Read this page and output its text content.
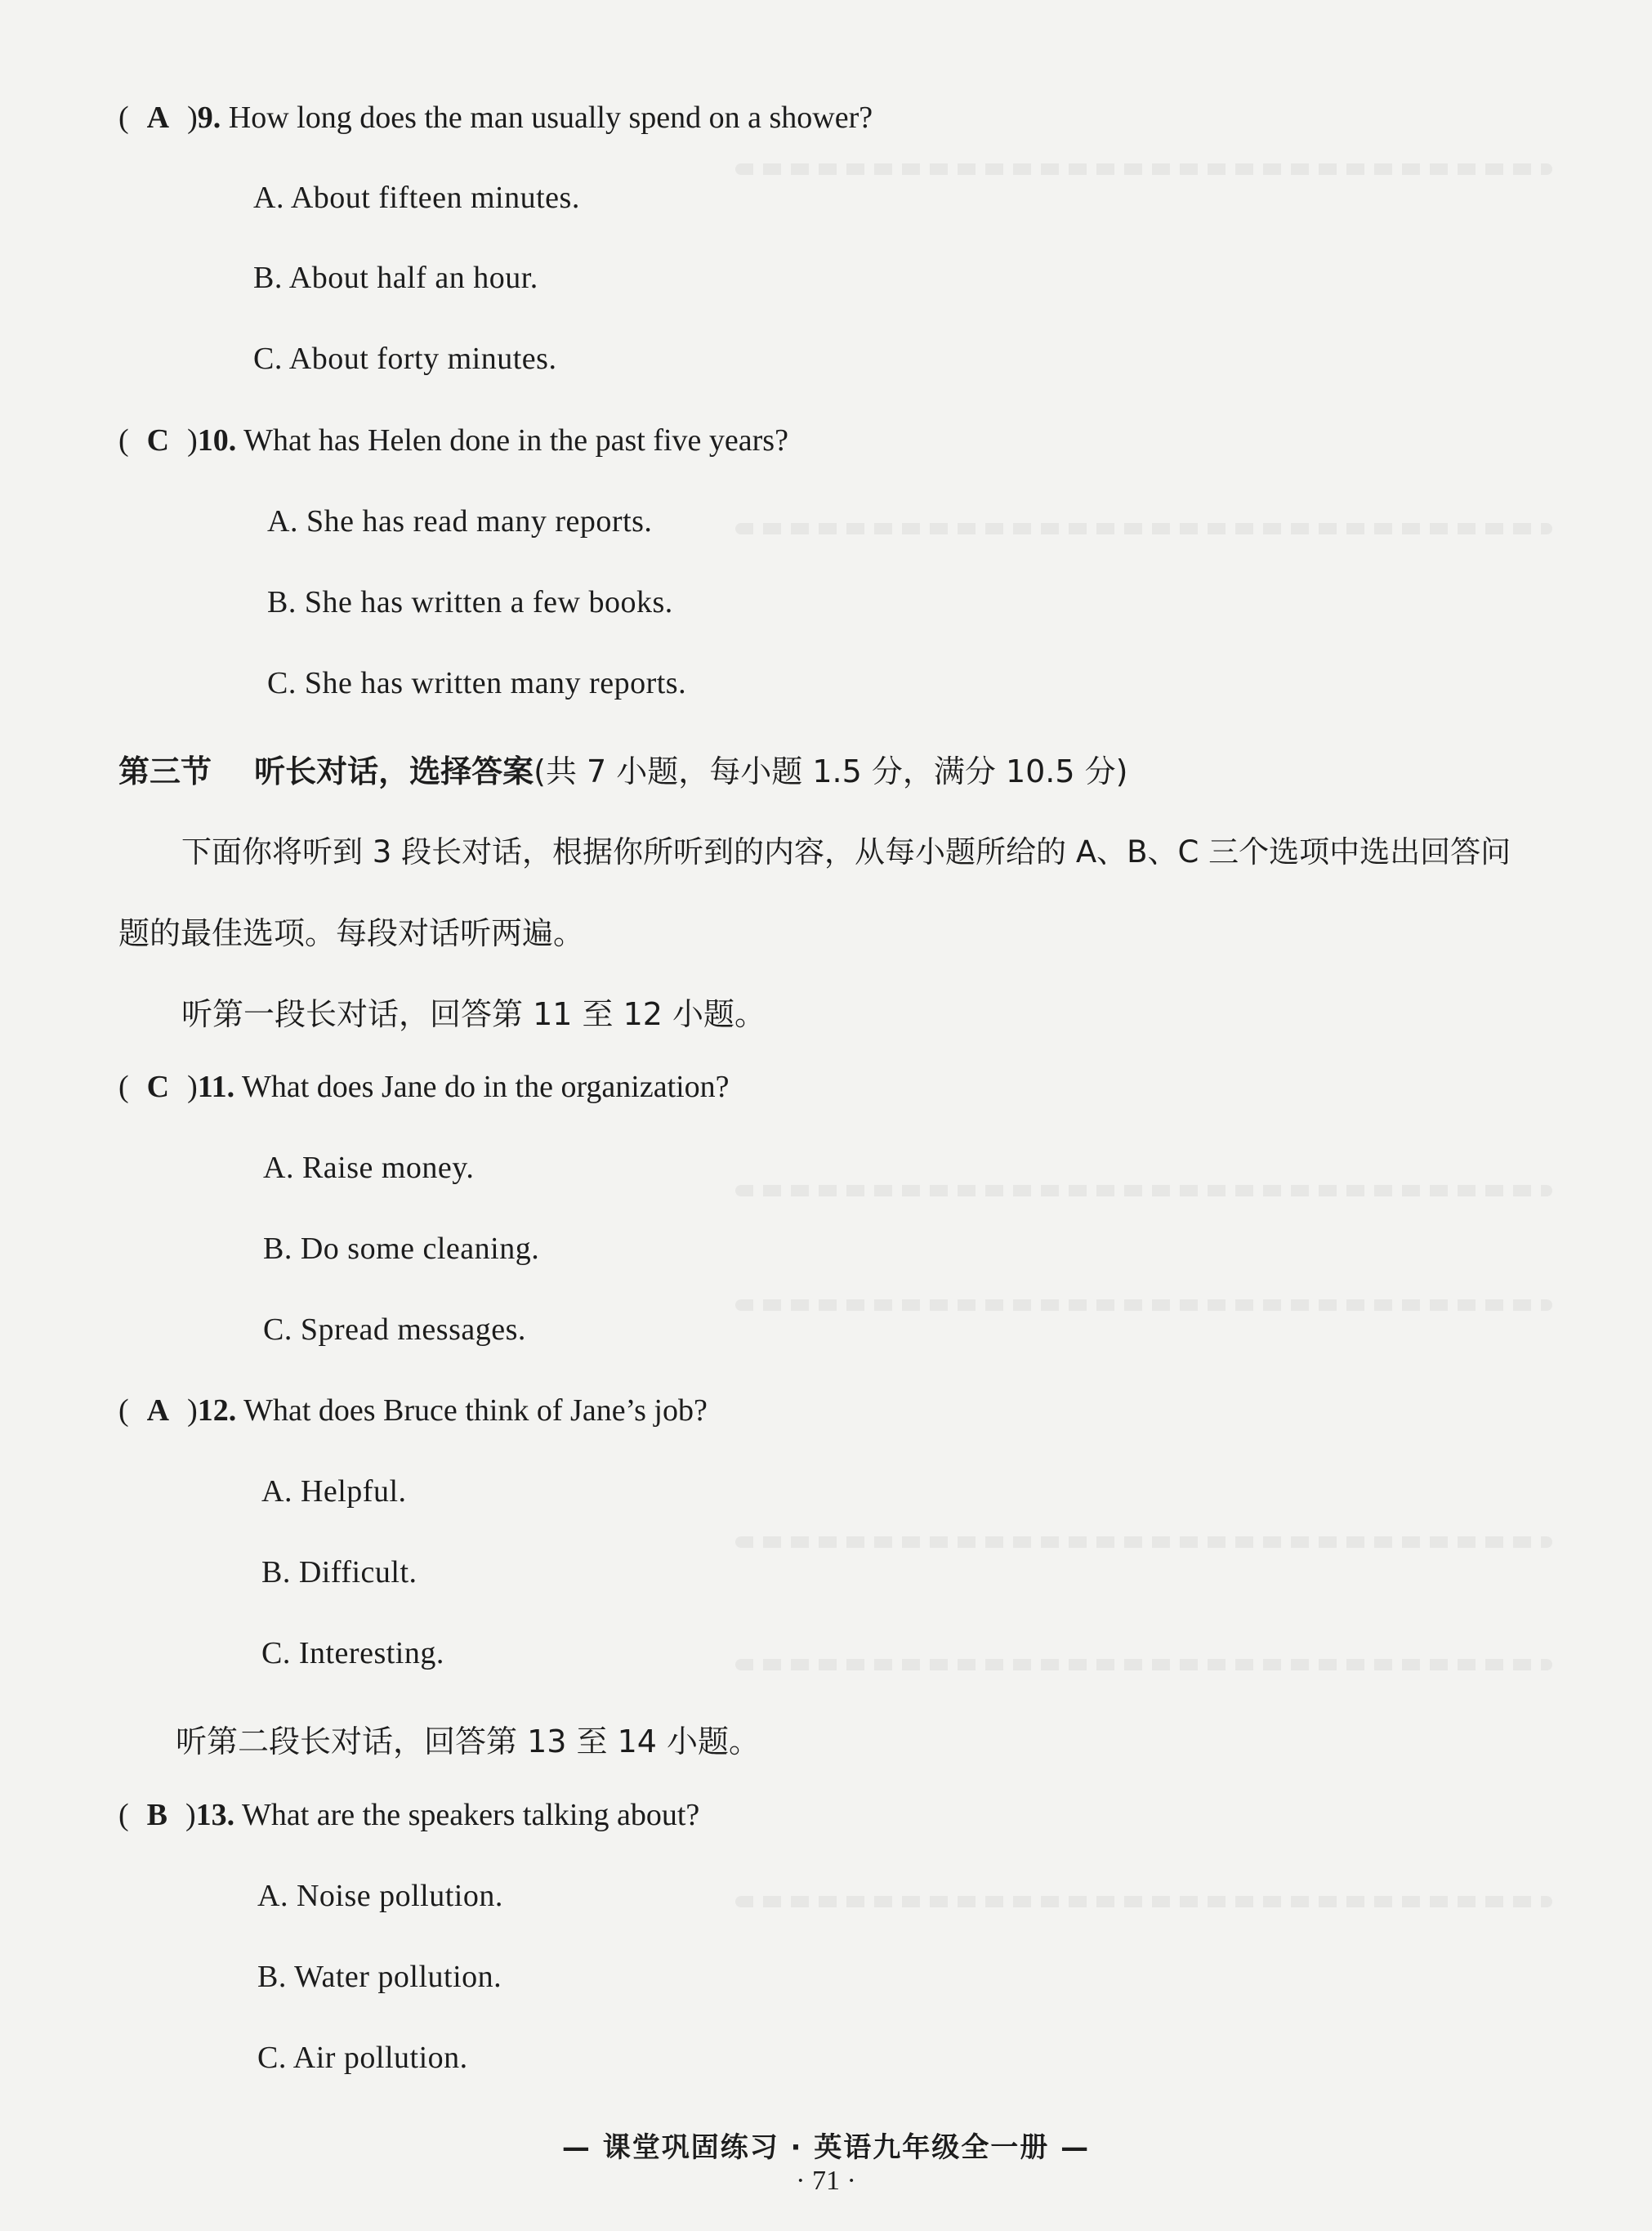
( A )9. How long does the man usually spend on a shower?
A. About fifteen minutes.
B. About half an hour.
C. About forty minutes.
( C )10. What has Helen done in the past five years?
A. She has read many reports.
B. She has written a few books.
C. She has written many reports.
第三节 听长对话，选择答案(共 7 小题，每小题 1.5 分，满分 10.5 分)
下面你将听到 3 段长对话，根据你所听到的内容，从每小题所给的 A、B、C 三个选项中选出回答问
题的最佳选项。每段对话听两遍。
听第一段长对话，回答第 11 至 12 小题。
( C )11. What does Jane do in the organization?
A. Raise money.
B. Do some cleaning.
C. Spread messages.
( A )12. What does Bruce think of Jane’s job?
A. Helpful.
B. Difficult.
C. Interesting.
听第二段长对话，回答第 13 至 14 小题。
( B )13. What are the speakers talking about?
A. Noise pollution.
B. Water pollution.
C. Air pollution.
— 课堂巩固练习 · 英语九年级全一册 —
· 71 ·
